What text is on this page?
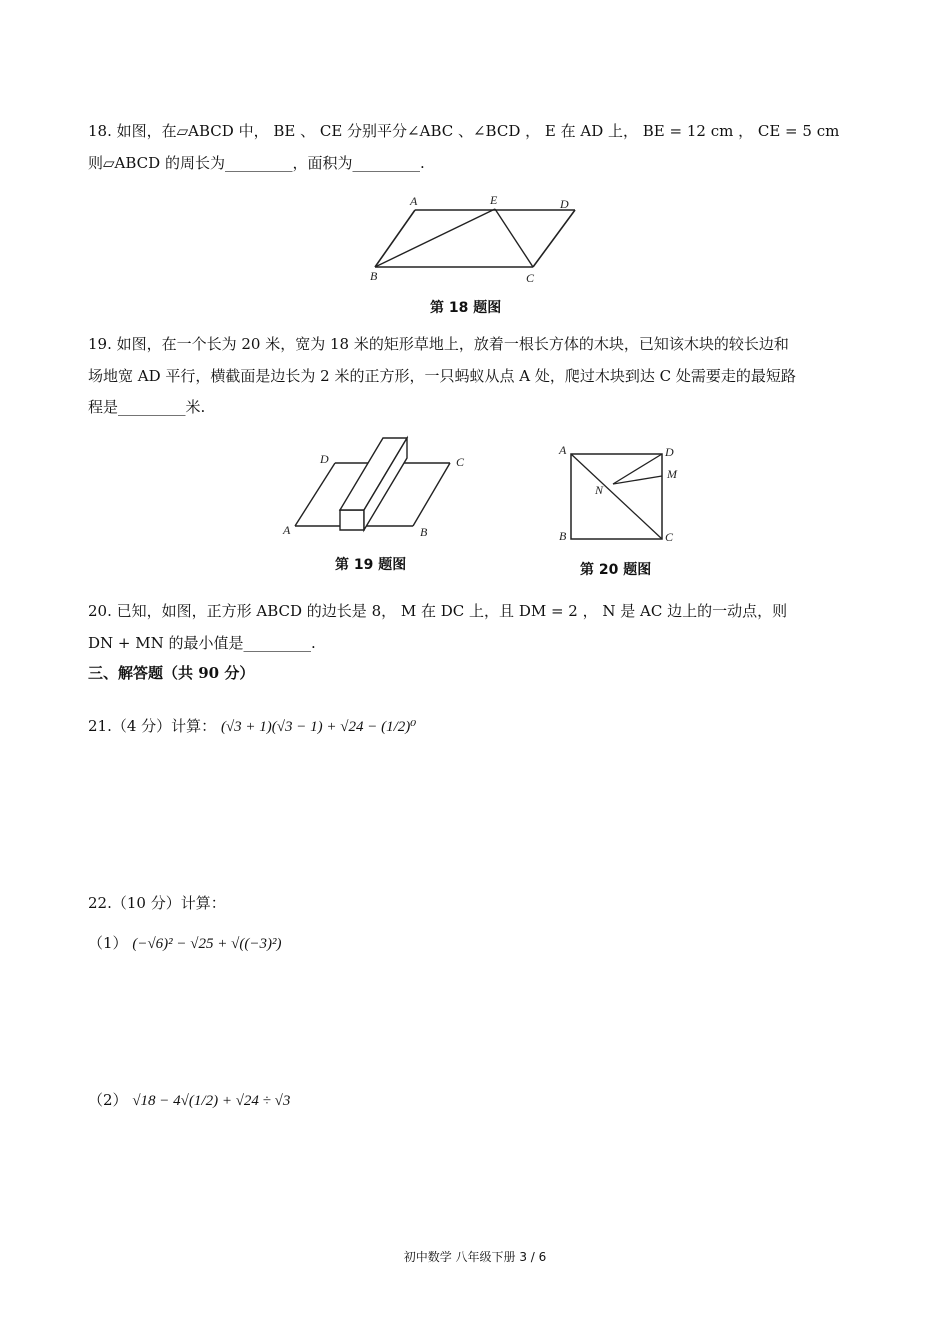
18. 如图，在▱ABCD 中， BE 、 CE 分别平分∠ABC 、∠BCD ， E 在 AD 上， BE = 12 cm ， CE = 5 cm
则▱ABCD 的周长为_________，面积为_________.
A	E	D
B	C
第 18 题图
19. 如图，在一个长为 20 米，宽为 18 米的矩形草地上，放着一根长方体的木块，已知该木块的较长边和
场地宽 AD 平行，横截面是边长为 2 米的正方形，一只蚂蚁从点 A 处，爬过木块到达 C 处需要走的最短路
程是_________米.
D	C
A	B
第 19 题图
A	D
M
N
B	C
第 20 题图
20. 已知，如图，正方形 ABCD 的边长是 8， M 在 DC 上，且 DM = 2 ， N 是 AC 边上的一动点，则
DN + MN 的最小值是_________.
三、解答题（共 90 分）
21.（4 分）计算： (√3 + 1)(√3 − 1) + √24 − (1/2)⁰
22.（10 分）计算：
（1） (−√6)² − √25 + √((−3)²)
（2） √18 − 4√(1/2) + √24 ÷ √3
初中数学 八年级下册 3 / 6
